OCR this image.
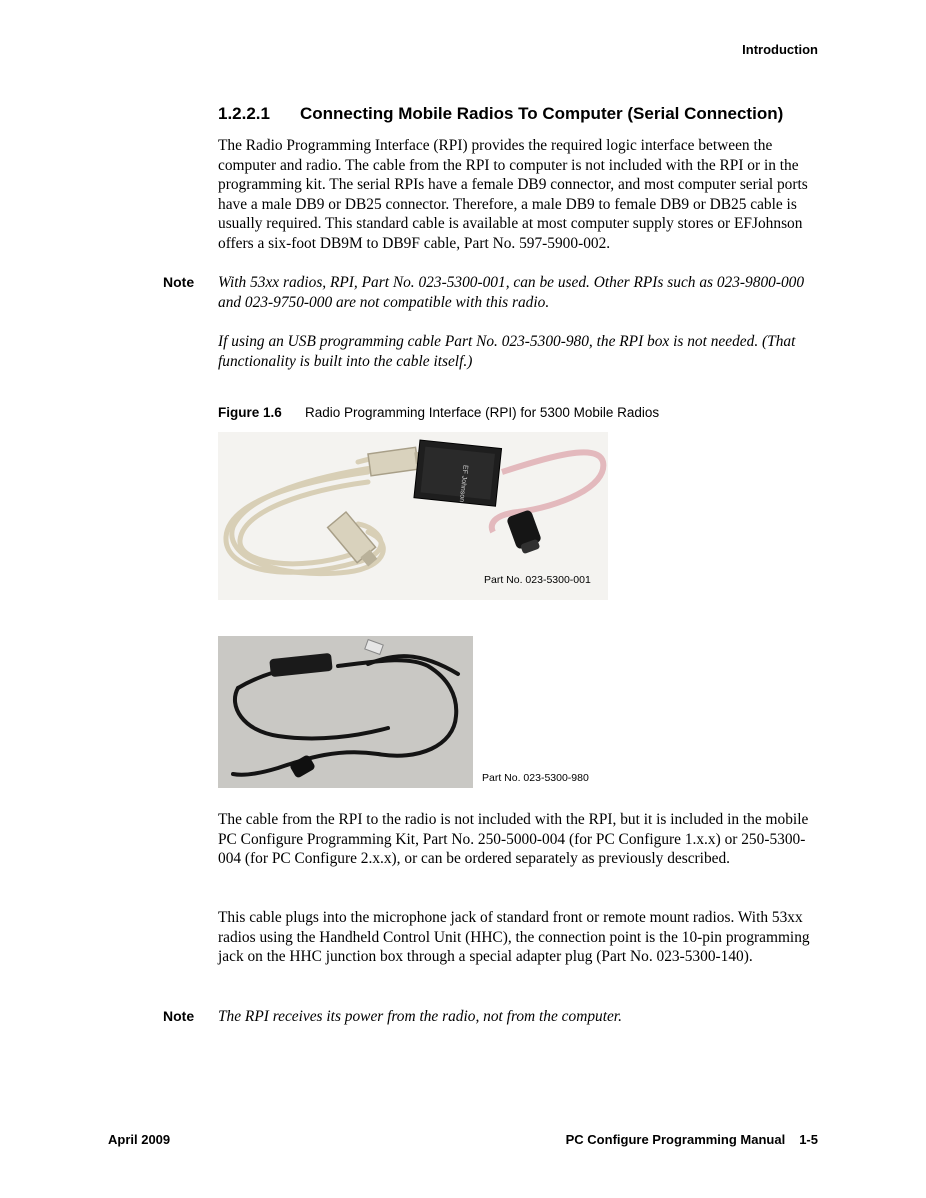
Introduction
1.2.2.1 Connecting Mobile Radios To Computer (Serial Connection)
The Radio Programming Interface (RPI) provides the required logic interface between the computer and radio. The cable from the RPI to computer is not included with the RPI or in the programming kit. The serial RPIs have a female DB9 connector, and most computer serial ports have a male DB9 or DB25 connector. Therefore, a male DB9 to female DB9 or DB25 cable is usually required. This standard cable is available at most computer supply stores or EFJohnson offers a six-foot DB9M to DB9F cable, Part No. 597-5900-002.
Note With 53xx radios, RPI, Part No. 023-5300-001, can be used. Other RPIs such as 023-9800-000 and 023-9750-000 are not compatible with this radio.
If using an USB programming cable Part No. 023-5300-980, the RPI box is not needed. (That functionality is built into the cable itself.)
Figure 1.6 Radio Programming Interface (RPI) for 5300 Mobile Radios
EF Johnson
Part No. 023-5300-001
Part No. 023-5300-980
The cable from the RPI to the radio is not included with the RPI, but it is included in the mobile PC Configure Programming Kit, Part No. 250-5000-004 (for PC Configure 1.x.x) or 250-5300-004 (for PC Configure 2.x.x), or can be ordered separately as previously described.
This cable plugs into the microphone jack of standard front or remote mount radios. With 53xx radios using the Handheld Control Unit (HHC), the connection point is the 10-pin programming jack on the HHC junction box through a special adapter plug (Part No. 023-5300-140).
Note The RPI receives its power from the radio, not from the computer.
April 2009	PC Configure Programming Manual 1-5
